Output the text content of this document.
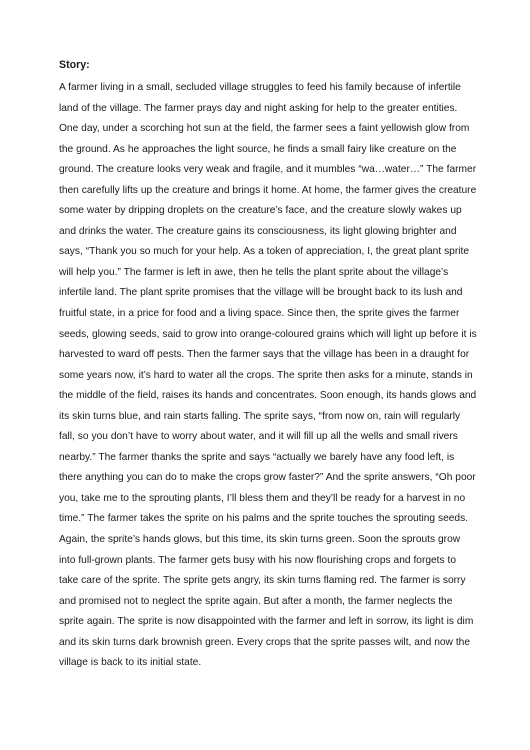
Story:

A farmer living in a small, secluded village struggles to feed his family because of infertile land of the village. The farmer prays day and night asking for help to the greater entities. One day, under a scorching hot sun at the field, the farmer sees a faint yellowish glow from the ground. As he approaches the light source, he finds a small fairy like creature on the ground. The creature looks very weak and fragile, and it mumbles “wa…water…” The farmer then carefully lifts up the creature and brings it home. At home, the farmer gives the creature some water by dripping droplets on the creature’s face, and the creature slowly wakes up and drinks the water. The creature gains its consciousness, its light glowing brighter and says, “Thank you so much for your help. As a token of appreciation, I, the great plant sprite will help you.” The farmer is left in awe, then he tells the plant sprite about the village’s infertile land. The plant sprite promises that the village will be brought back to its lush and fruitful state, in a price for food and a living space. Since then, the sprite gives the farmer seeds, glowing seeds, said to grow into orange-coloured grains which will light up before it is harvested to ward off pests. Then the farmer says that the village has been in a draught for some years now, it’s hard to water all the crops. The sprite then asks for a minute, stands in the middle of the field, raises its hands and concentrates. Soon enough, its hands glows and its skin turns blue, and rain starts falling. The sprite says, “from now on, rain will regularly fall, so you don’t have to worry about water, and it will fill up all the wells and small rivers nearby.” The farmer thanks the sprite and says “actually we barely have any food left, is there anything you can do to make the crops grow faster?” And the sprite answers, “Oh poor you, take me to the sprouting plants, I’ll bless them and they’ll be ready for a harvest in no time.” The farmer takes the sprite on his palms and the sprite touches the sprouting seeds. Again, the sprite’s hands glows, but this time, its skin turns green. Soon the sprouts grow into full-grown plants. The farmer gets busy with his now flourishing crops and forgets to take care of the sprite. The sprite gets angry, its skin turns flaming red. The farmer is sorry and promised not to neglect the sprite again. But after a month, the farmer neglects the sprite again. The sprite is now disappointed with the farmer and left in sorrow, its light is dim and its skin turns dark brownish green. Every crops that the sprite passes wilt, and now the village is back to its initial state.
